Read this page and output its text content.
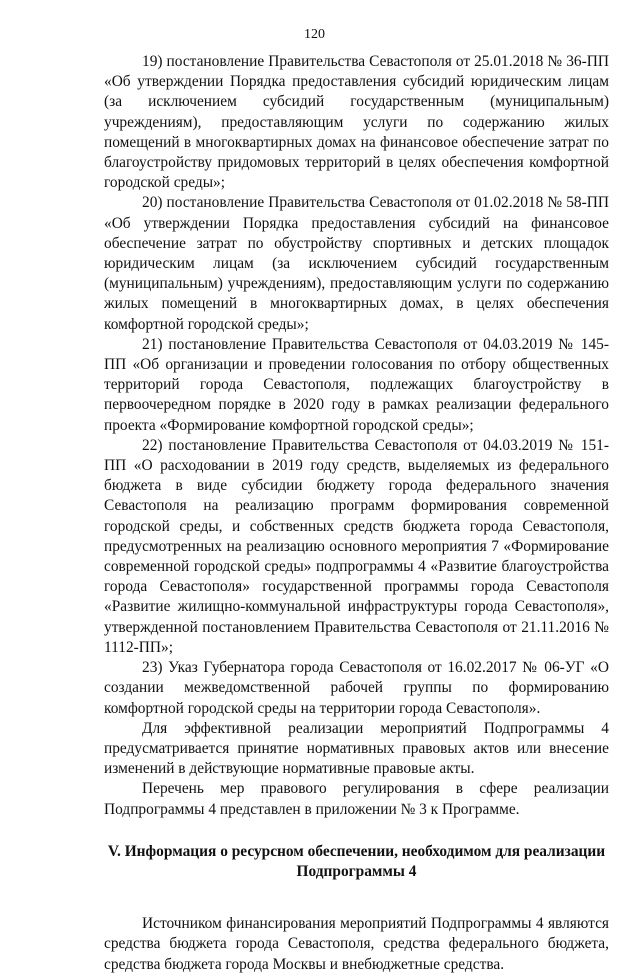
120

19) постановление Правительства Севастополя от 25.01.2018 № 36-ПП «Об утверждении Порядка предоставления субсидий юридическим лицам (за исключением субсидий государственным (муниципальным) учреждениям), предоставляющим услуги по содержанию жилых помещений в многоквартирных домах на финансовое обеспечение затрат по благоустройству придомовых территорий в целях обеспечения комфортной городской среды»;

20) постановление Правительства Севастополя от 01.02.2018 № 58-ПП «Об утверждении Порядка предоставления субсидий на финансовое обеспечение затрат по обустройству спортивных и детских площадок юридическим лицам (за исключением субсидий государственным (муниципальным) учреждениям), предоставляющим услуги по содержанию жилых помещений в многоквартирных домах, в целях обеспечения комфортной городской среды»;

21) постановление Правительства Севастополя от 04.03.2019 № 145-ПП «Об организации и проведении голосования по отбору общественных территорий города Севастополя, подлежащих благоустройству в первоочередном порядке в 2020 году в рамках реализации федерального проекта «Формирование комфортной городской среды»;

22) постановление Правительства Севастополя от 04.03.2019 № 151-ПП «О расходовании в 2019 году средств, выделяемых из федерального бюджета в виде субсидии бюджету города федерального значения Севастополя на реализацию программ формирования современной городской среды, и собственных средств бюджета города Севастополя, предусмотренных на реализацию основного мероприятия 7 «Формирование современной городской среды» подпрограммы 4 «Развитие благоустройства города Севастополя» государственной программы города Севастополя «Развитие жилищно-коммунальной инфраструктуры города Севастополя», утвержденной постановлением Правительства Севастополя от 21.11.2016 № 1112-ПП»;

23) Указ Губернатора города Севастополя от 16.02.2017 № 06-УГ «О создании межведомственной рабочей группы по формированию комфортной городской среды на территории города Севастополя».

Для эффективной реализации мероприятий Подпрограммы 4 предусматривается принятие нормативных правовых актов или внесение изменений в действующие нормативные правовые акты.

Перечень мер правового регулирования в сфере реализации Подпрограммы 4 представлен в приложении № 3 к Программе.

V. Информация о ресурсном обеспечении, необходимом для реализации Подпрограммы 4

Источником финансирования мероприятий Подпрограммы 4 являются средства бюджета города Севастополя, средства федерального бюджета, средства бюджета города Москвы и внебюджетные средства.
